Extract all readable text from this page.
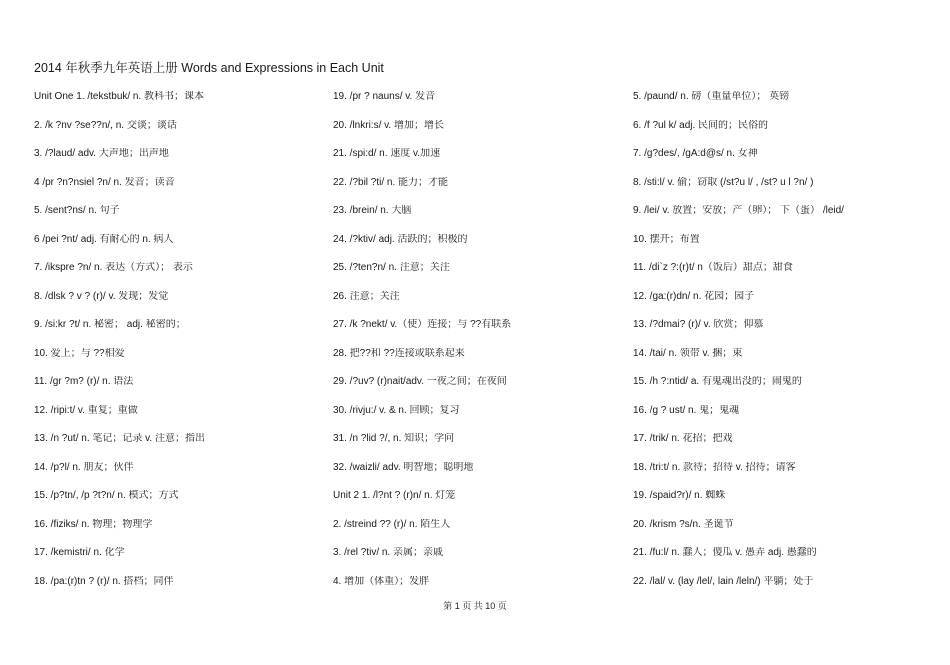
2014 年秋季九年英语上册 Words and Expressions in Each Unit
Unit One 1. /tekstbuk/ n. 教科书；课本
2. /k ?nv ?se??n/, n. 交谈；谈话
3. /?laud/ adv. 大声地；出声地
4 /pr ?n?nsiel ?n/ n. 发音；读音
5. /sent?ns/ n. 句子
6 /pei ?nt/ adj. 有耐心的 n. 病人
7. /ikspre ?n/ n. 表达（方式）； 表示
8. /dlsk ? v ? (r)/ v. 发现；发觉
9. /si:kr ?t/ n. 秘密； adj. 秘密的；
10. 爱上；与 ??相爱
11. /gr ?m? (r)/ n. 语法
12. /ripi:t/ v. 重复；重做
13. /n ?ut/ n. 笔记；记录 v. 注意；指出
14. /p?l/ n. 朋友；伙伴
15. /p?tn/, /p ?t?n/ n. 模式；方式
16. /fiziks/ n. 物理；物理学
17. /kemistri/ n. 化学
18. /pa:(r)tn ? (r)/ n. 搭档；同伴
19. /pr ? nauns/ v. 发音
20. /lnkri:s/ v. 增加；增长
21. /spi:d/ n. 速度 v.加速
22. /?bil ?ti/ n. 能力；才能
23. /brein/ n. 大脑
24. /?ktiv/ adj. 活跃的；积极的
25. /?ten?n/ n. 注意；关注
26. 注意；关注
27. /k ?nekt/ v.（使）连接；与 ??有联系
28. 把??和 ??连接或联系起来
29. /?uv? (r)nait/adv. 一夜之间；在夜间
30. /rivju:/ v. & n. 回顾；复习
31. /n ?lid ?/, n. 知识；学问
32. /waizli/ adv. 明智地；聪明地
Unit 2 1. /l?nt ? (r)n/ n. 灯笼
2. /streind ?? (r)/ n. 陌生人
3. /rel ?tiv/ n. 亲属；亲戚
4. 增加（体重）；发胖
5. /paund/ n. 磅（重量单位）； 英镑
6. /f ?ul k/ adj. 民间的；民俗的
7. /g?des/, /gA:d@s/ n. 女神
8. /sti:l/ v. 偷；窃取 (/st?u l/ , /st? u l ?n/ )
9. /lei/ v. 放置；安放；产（卵）； 下（蛋） /leid/
10. 摆开；布置
11. /di`z ?:(r)t/ n（饭后）甜点；甜食
12. /ga:(r)dn/ n. 花园；园子
13. /?dmai? (r)/ v. 欣赏；仰慕
14. /tai/ n. 领带 v. 捆；束
15. /h ?:ntid/ a. 有鬼魂出没的；闹鬼的
16. /g ? ust/ n. 鬼；鬼魂
17. /trik/ n. 花招；把戏
18. /tri:t/ n. 款待；招待 v. 招待；请客
19. /spaid?r)/ n. 蜘蛛
20. /krism ?s/n. 圣诞节
21. /fu:l/ n. 蠢人；傻瓜 v. 愚弄 adj. 愚蠢的
22. /lal/ v. (lay /lel/, lain /leln/) 平躺；处于
第 1 页 共 10 页
